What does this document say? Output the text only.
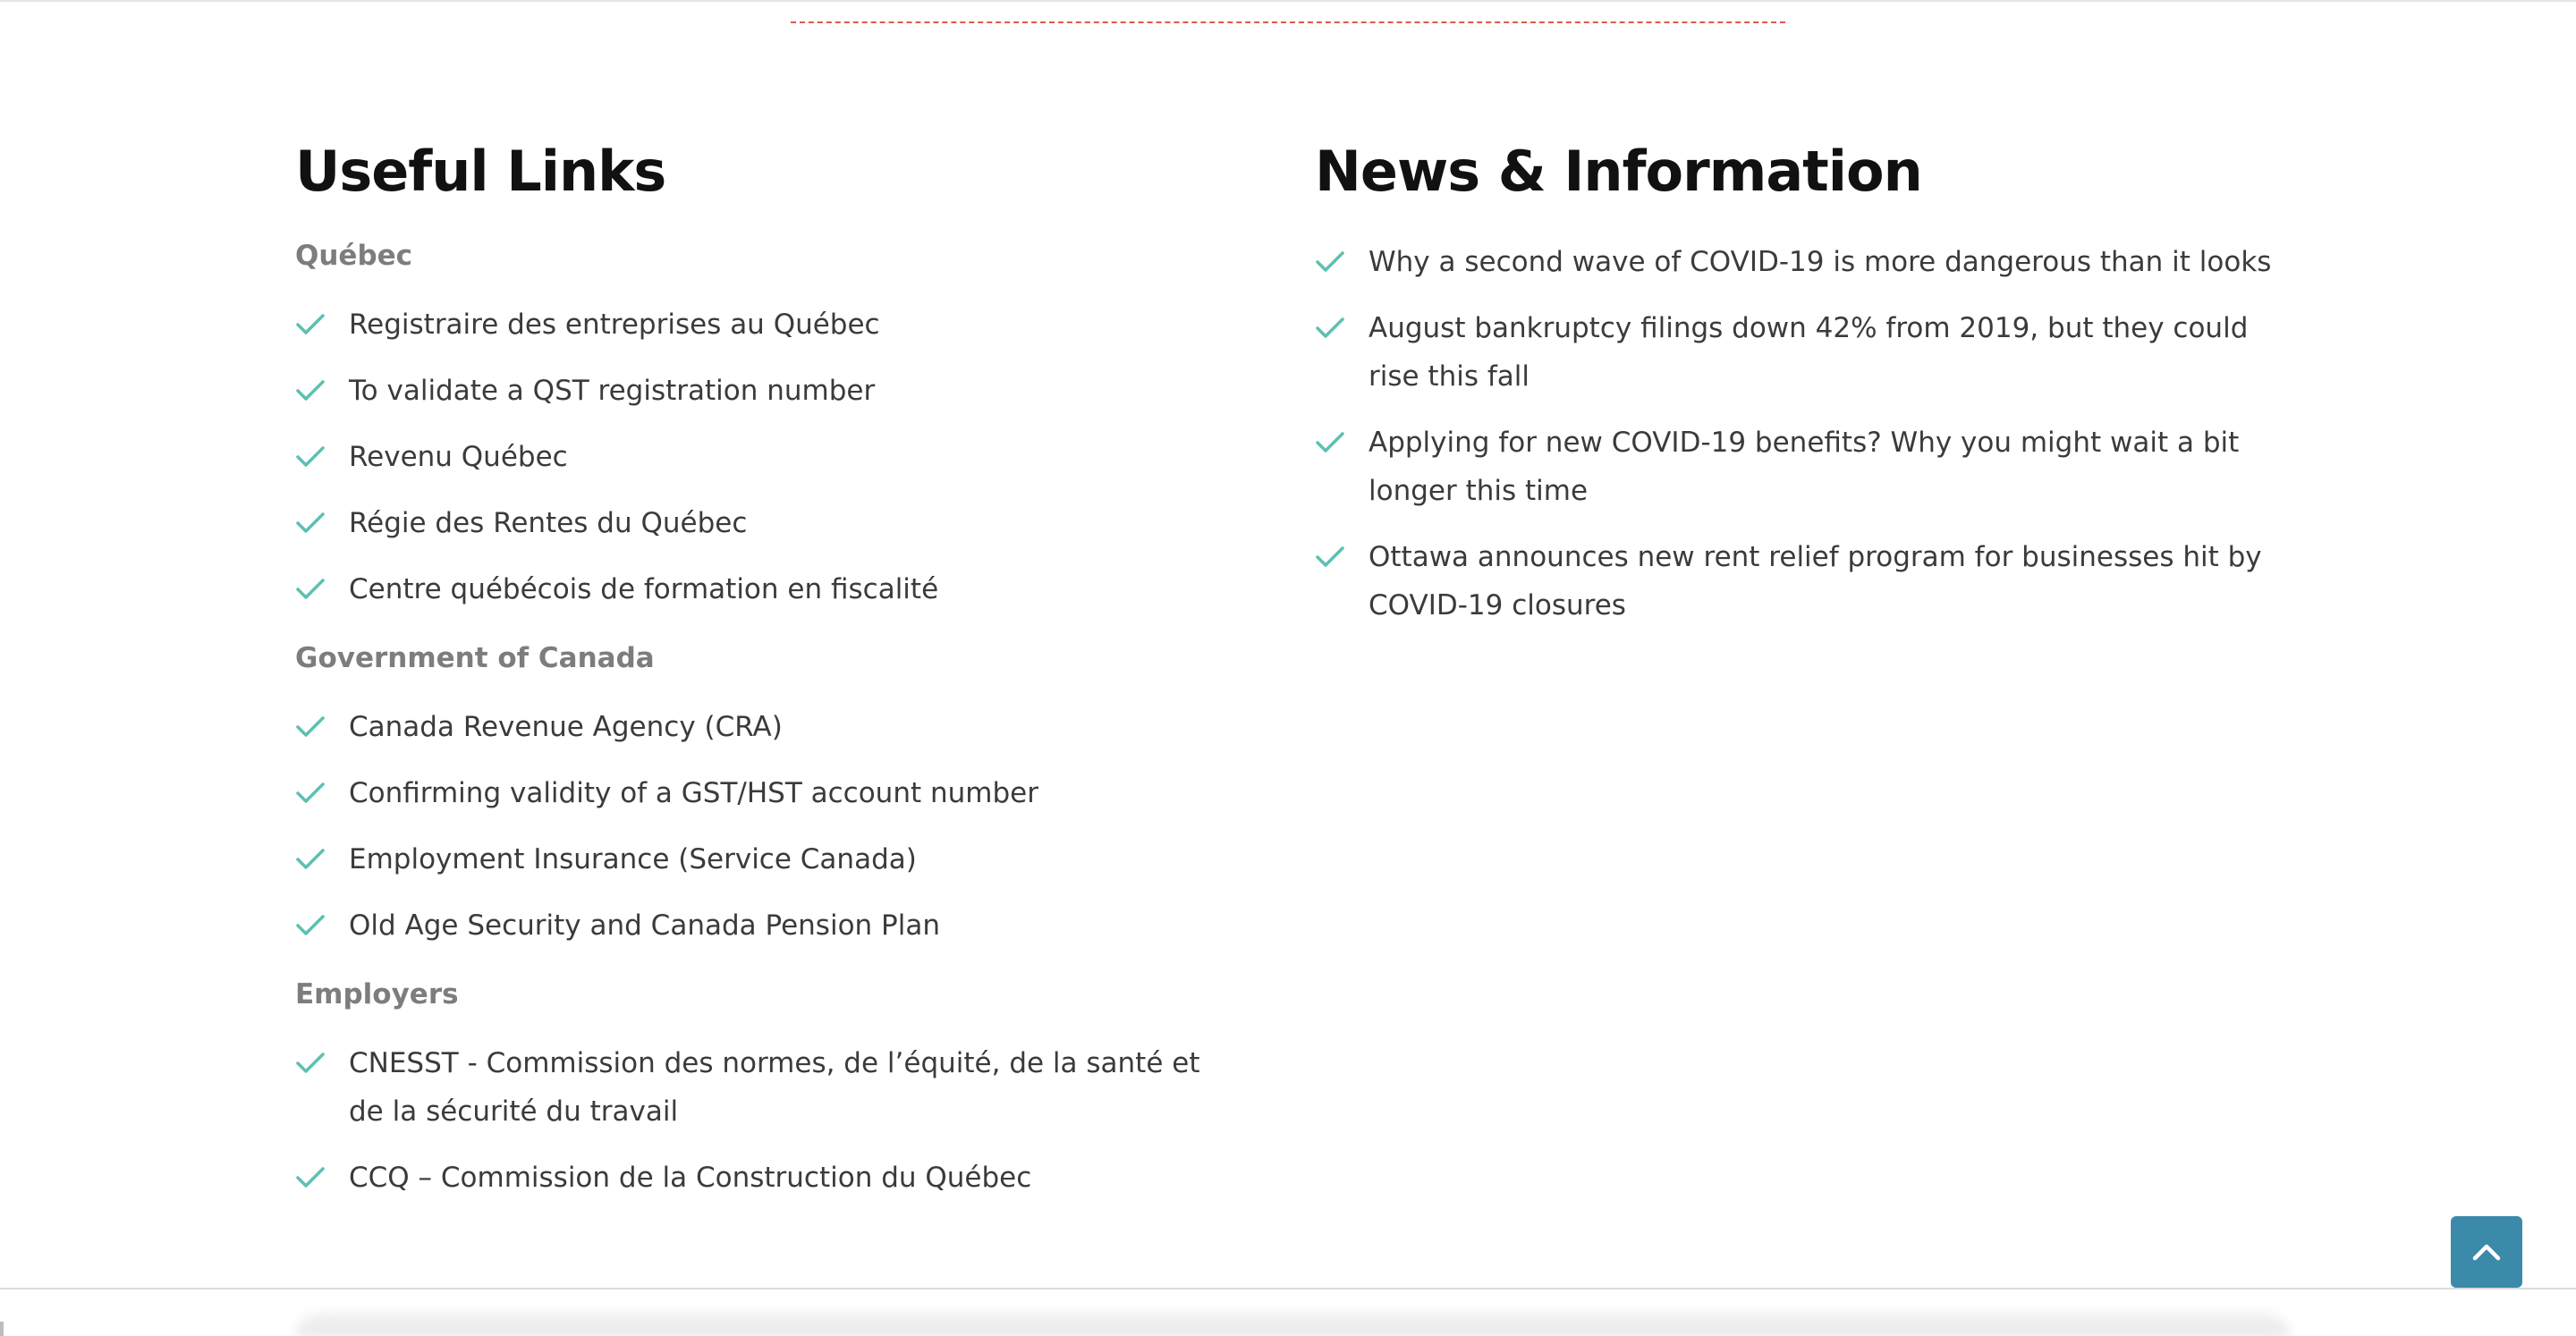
Useful Links
Québec
Registraire des entreprises au Québec
To validate a QST registration number
Revenu Québec
Régie des Rentes du Québec
Centre québécois de formation en fiscalité
Government of Canada
Canada Revenue Agency (CRA)
Confirming validity of a GST/HST account number
Employment Insurance (Service Canada)
Old Age Security and Canada Pension Plan
Employers
CNESST - Commission des normes, de l’équité, de la santé et de la sécurité du travail
CCQ – Commission de la Construction du Québec
News & Information
Why a second wave of COVID-19 is more dangerous than it looks
August bankruptcy filings down 42% from 2019, but they could rise this fall
Applying for new COVID-19 benefits? Why you might wait a bit longer this time
Ottawa announces new rent relief program for businesses hit by COVID-19 closures
